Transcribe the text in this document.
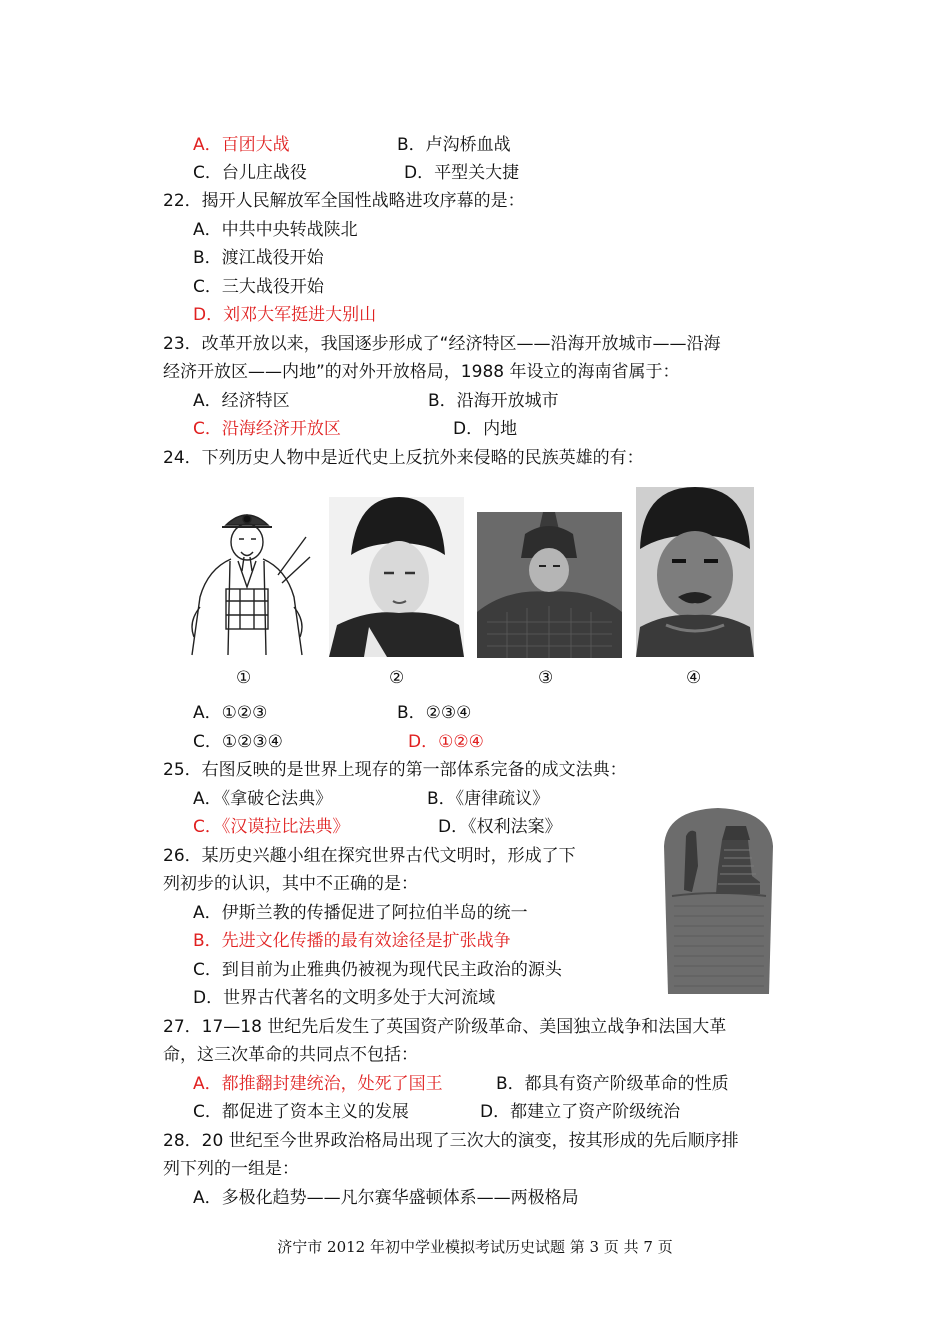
A．百团大战	B．卢沟桥血战
C．台儿庄战役	D．平型关大捷
22．揭开人民解放军全国性战略进攻序幕的是：
A．中共中央转战陕北
B．渡江战役开始
C．三大战役开始
D．刘邓大军挺进大别山
23．改革开放以来，我国逐步形成了“经济特区——沿海开放城市——沿海
经济开放区——内地”的对外开放格局，1988 年设立的海南省属于：
A．经济特区	B．沿海开放城市
C．沿海经济开放区	D．内地
24．下列历史人物中是近代史上反抗外来侵略的民族英雄的有：
①	②	③	④
A．①②③	B．②③④
C．①②③④	D．①②④
25．右图反映的是世界上现存的第一部体系完备的成文法典：
A．《拿破仑法典》	B．《唐律疏议》
C．《汉谟拉比法典》	D．《权利法案》
26．某历史兴趣小组在探究世界古代文明时，形成了下
列初步的认识，其中不正确的是：
A．伊斯兰教的传播促进了阿拉伯半岛的统一
B．先进文化传播的最有效途径是扩张战争
C．到目前为止雅典仍被视为现代民主政治的源头
D．世界古代著名的文明多处于大河流域
27．17—18 世纪先后发生了英国资产阶级革命、美国独立战争和法国大革
命，这三次革命的共同点不包括：
A．都推翻封建统治，处死了国王	B．都具有资产阶级革命的性质
C．都促进了资本主义的发展	D．都建立了资产阶级统治
28．20 世纪至今世界政治格局出现了三次大的演变，按其形成的先后顺序排
列下列的一组是：
A．多极化趋势——凡尔赛华盛顿体系——两极格局
济宁市 2012 年初中学业模拟考试历史试题 第 3 页 共 7 页
